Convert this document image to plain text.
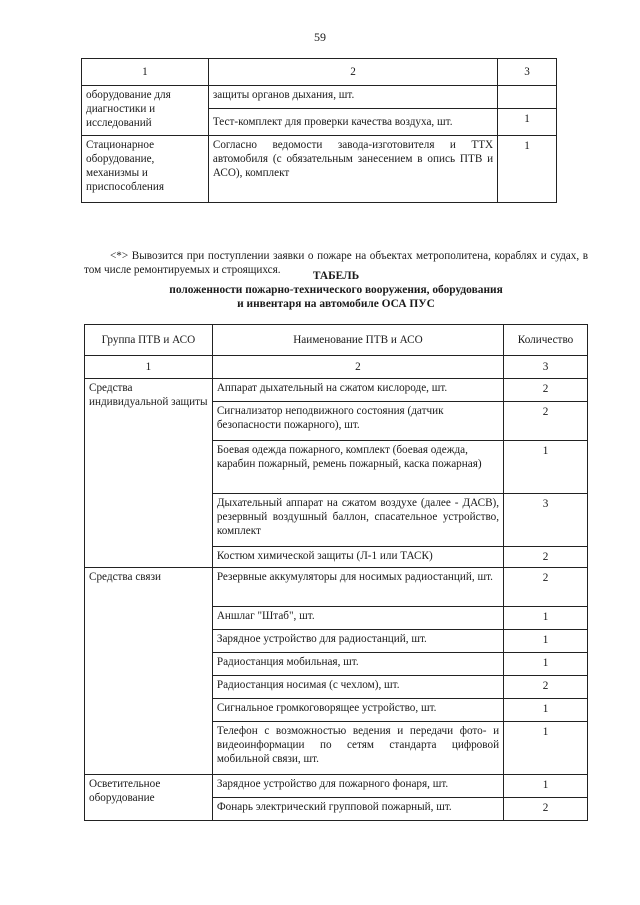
59
1	2	3
оборудование для диагностики и исследований	защиты органов дыхания, шт.	
	Тест-комплект для проверки качества воздуха, шт.	1
Стационарное оборудование, механизмы и приспособления	Согласно ведомости завода-изготовителя и ТТХ автомобиля (с обязательным занесением в опись ПТВ и АСО), комплект	1
<*> Вывозится при поступлении заявки о пожаре на объектах метрополитена, кораблях и судах, в том числе ремонтируемых и строящихся.	ТАБЕЛЬ
положенности пожарно-технического вооружения, оборудования
и инвентаря на автомобиле ОСА ПУС
Группа ПТВ и АСО	Наименование ПТВ и АСО	Количество
1	2	3
Средства индивидуальной защиты	Аппарат дыхательный на сжатом кислороде, шт.	2
	Сигнализатор неподвижного состояния (датчик безопасности пожарного), шт.	2
	Боевая одежда пожарного, комплект (боевая одежда, карабин пожарный, ремень пожарный, каска пожарная)	1
	Дыхательный аппарат на сжатом воздухе (далее - ДАСВ), резервный воздушный баллон, спасательное устройство, комплект	3
	Костюм химической защиты (Л-1 или ТАСК)	2
Средства связи	Резервные аккумуляторы для носимых радиостанций, шт.	2
	Аншлаг "Штаб", шт.	1
	Зарядное устройство для радиостанций, шт.	1
	Радиостанция мобильная, шт.	1
	Радиостанция носимая (с чехлом), шт.	2
	Сигнальное громкоговорящее устройство, шт.	1
	Телефон с возможностью ведения и передачи фото- и видеоинформации по сетям стандарта цифровой мобильной связи, шт.	1
Осветительное оборудование	Зарядное устройство для пожарного фонаря, шт.	1
	Фонарь электрический групповой пожарный, шт.	2
